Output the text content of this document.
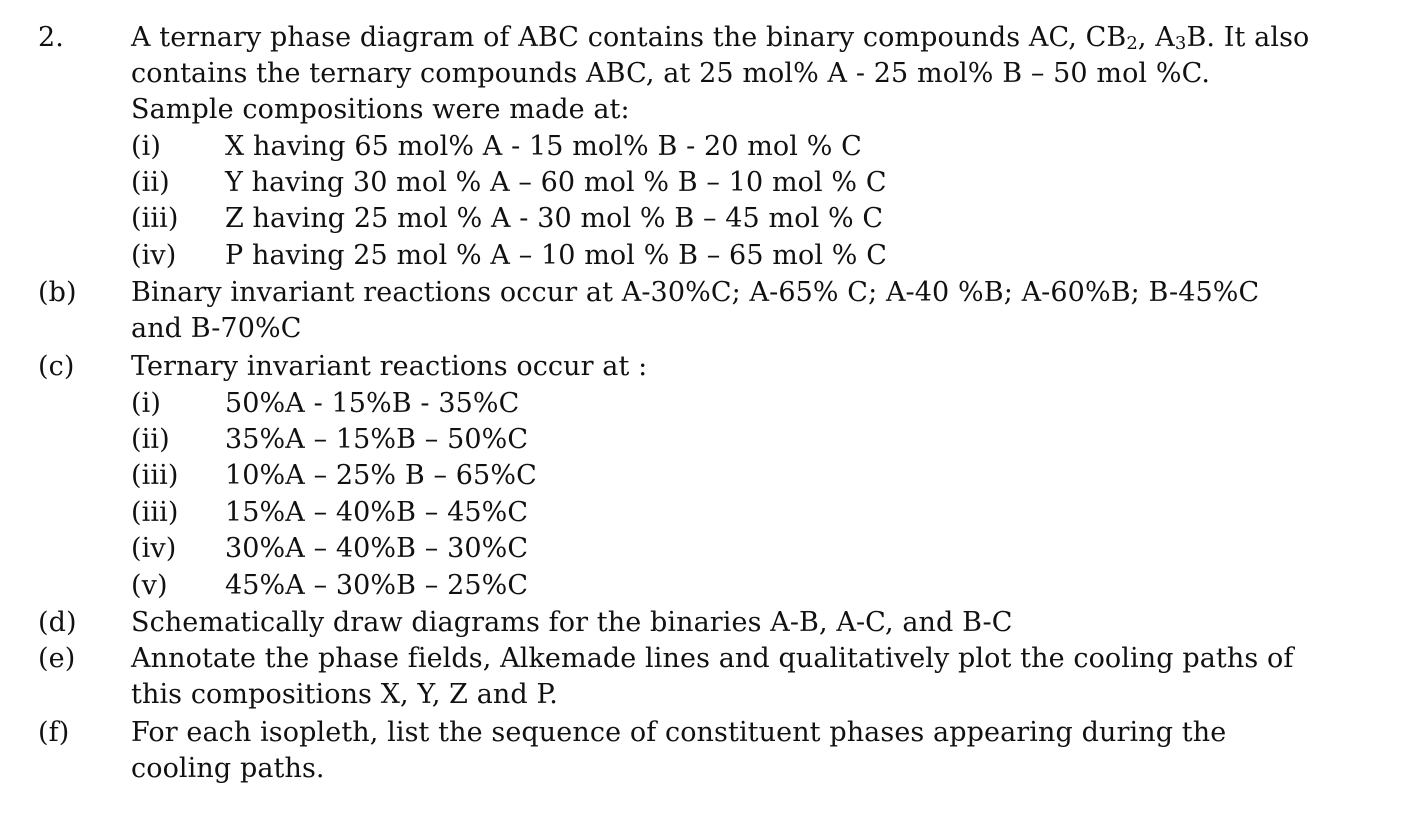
2. A ternary phase diagram of ABC contains the binary compounds AC, $CB_2$, $A_3B$. It also
contains the ternary compounds ABC, at 25 mol% A - 25 mol% B – 50 mol %C.
Sample compositions were made at:
(i) X having 65 mol% A - 15 mol% B - 20 mol % C
(ii) Y having 30 mol % A – 60 mol % B – 10 mol % C
(iii) Z having 25 mol % A - 30 mol % B – 45 mol % C
(iv) P having 25 mol % A – 10 mol % B – 65 mol % C
(b) Binary invariant reactions occur at A-30%C; A-65% C; A-40 %B; A-60%B; B-45%C
and B-70%C
(c) Ternary invariant reactions occur at :
(i) 50%A - 15%B - 35%C
(ii) 35%A – 15%B – 50%C
(iii) 10%A – 25% B – 65%C
(iii) 15%A – 40%B – 45%C
(iv) 30%A – 40%B – 30%C
(v) 45%A – 30%B – 25%C
(d) Schematically draw diagrams for the binaries A-B, A-C, and B-C
(e) Annotate the phase fields, Alkemade lines and qualitatively plot the cooling paths of
this compositions X, Y, Z and P.
(f) For each isopleth, list the sequence of constituent phases appearing during the
cooling paths.
